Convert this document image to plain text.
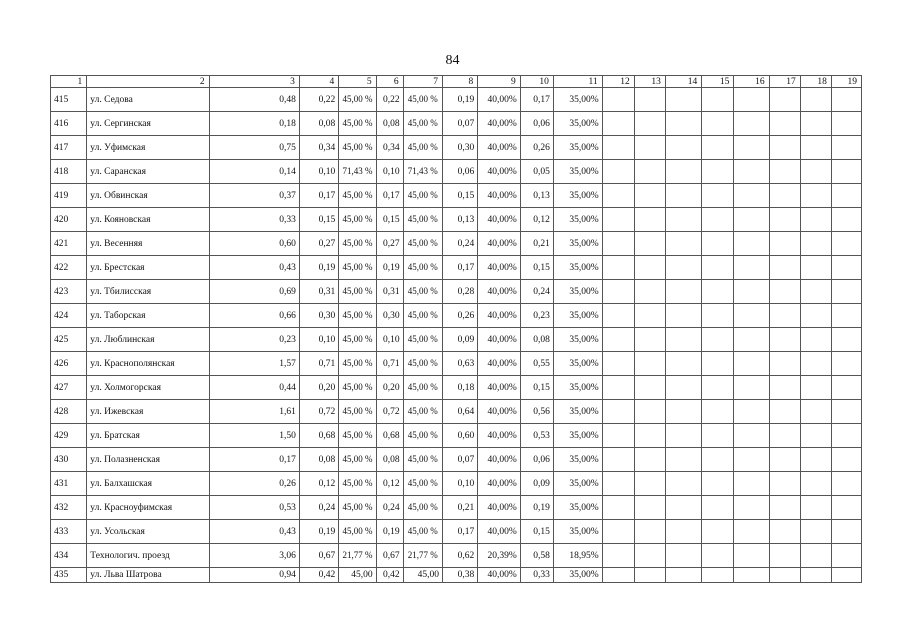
84
1	2	3	4	5	6	7	8	9	10	11	12	13	14	15	16	17	18	19
415	ул. Седова	0,48	0,22	45,00 %	0,22	45,00 %	0,19	40,00%	0,17	35,00%								
416	ул. Сергинская	0,18	0,08	45,00 %	0,08	45,00 %	0,07	40,00%	0,06	35,00%								
417	ул. Уфимская	0,75	0,34	45,00 %	0,34	45,00 %	0,30	40,00%	0,26	35,00%								
418	ул. Саранская	0,14	0,10	71,43 %	0,10	71,43 %	0,06	40,00%	0,05	35,00%								
419	ул. Обвинская	0,37	0,17	45,00 %	0,17	45,00 %	0,15	40,00%	0,13	35,00%								
420	ул. Кояновская	0,33	0,15	45,00 %	0,15	45,00 %	0,13	40,00%	0,12	35,00%								
421	ул. Весенняя	0,60	0,27	45,00 %	0,27	45,00 %	0,24	40,00%	0,21	35,00%								
422	ул. Брестская	0,43	0,19	45,00 %	0,19	45,00 %	0,17	40,00%	0,15	35,00%								
423	ул. Тбилисская	0,69	0,31	45,00 %	0,31	45,00 %	0,28	40,00%	0,24	35,00%								
424	ул. Таборская	0,66	0,30	45,00 %	0,30	45,00 %	0,26	40,00%	0,23	35,00%								
425	ул. Люблинская	0,23	0,10	45,00 %	0,10	45,00 %	0,09	40,00%	0,08	35,00%								
426	ул. Краснополянская	1,57	0,71	45,00 %	0,71	45,00 %	0,63	40,00%	0,55	35,00%								
427	ул. Холмогорская	0,44	0,20	45,00 %	0,20	45,00 %	0,18	40,00%	0,15	35,00%								
428	ул. Ижевская	1,61	0,72	45,00 %	0,72	45,00 %	0,64	40,00%	0,56	35,00%								
429	ул. Братская	1,50	0,68	45,00 %	0,68	45,00 %	0,60	40,00%	0,53	35,00%								
430	ул. Полазненская	0,17	0,08	45,00 %	0,08	45,00 %	0,07	40,00%	0,06	35,00%								
431	ул. Балхашская	0,26	0,12	45,00 %	0,12	45,00 %	0,10	40,00%	0,09	35,00%								
432	ул. Красноуфимская	0,53	0,24	45,00 %	0,24	45,00 %	0,21	40,00%	0,19	35,00%								
433	ул. Усольская	0,43	0,19	45,00 %	0,19	45,00 %	0,17	40,00%	0,15	35,00%								
434	Технологич. проезд	3,06	0,67	21,77 %	0,67	21,77 %	0,62	20,39%	0,58	18,95%								
435	ул. Льва Шатрова	0,94	0,42	45,00	0,42	45,00	0,38	40,00%	0,33	35,00%								
